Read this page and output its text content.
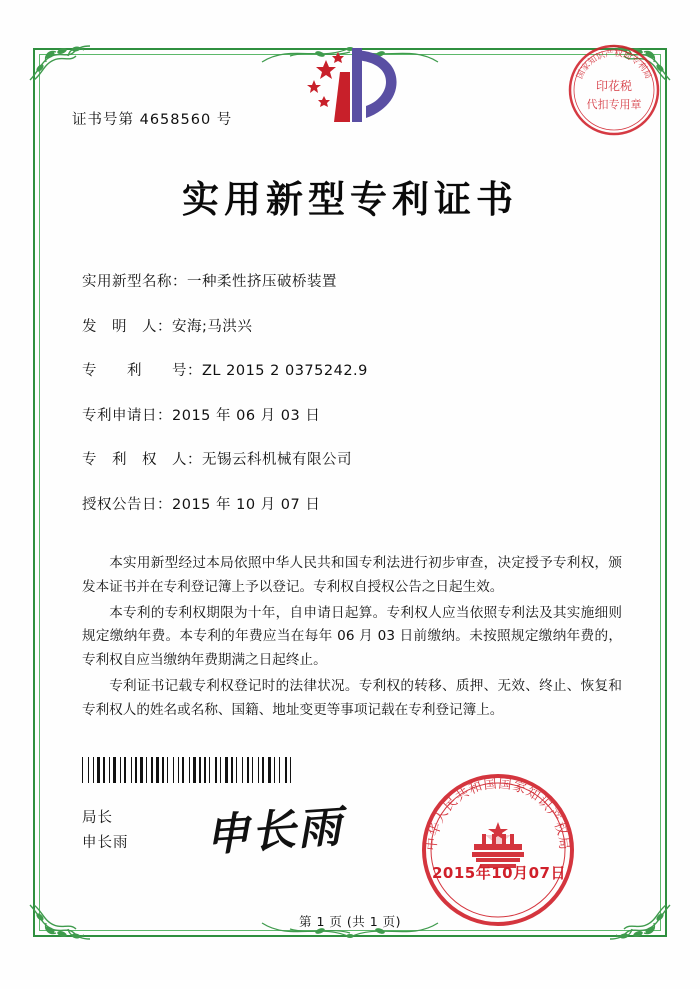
国家知识产权局专利局
印花税
代扣专用章
证书号第 4658560 号
实用新型专利证书
实用新型名称： 一种柔性挤压破桥装置
发　明　人： 安海;马洪兴
专　　利　　号： ZL 2015 2 0375242.9
专利申请日： 2015 年 06 月 03 日
专　利　权　人： 无锡云科机械有限公司
授权公告日： 2015 年 10 月 07 日

本实用新型经过本局依照中华人民共和国专利法进行初步审查，决定授予专利权，颁发本证书并在专利登记簿上予以登记。专利权自授权公告之日起生效。

本专利的专利权期限为十年，自申请日起算。专利权人应当依照专利法及其实施细则规定缴纳年费。本专利的年费应当在每年 06 月 03 日前缴纳。未按照规定缴纳年费的，专利权自应当缴纳年费期满之日起终止。

专利证书记载专利权登记时的法律状况。专利权的转移、质押、无效、终止、恢复和专利权人的姓名或名称、国籍、地址变更等事项记载在专利登记簿上。

局长
申长雨 申长雨	中华人民共和国国家知识产权局
2015年10月07日
第 1 页 (共 1 页)
